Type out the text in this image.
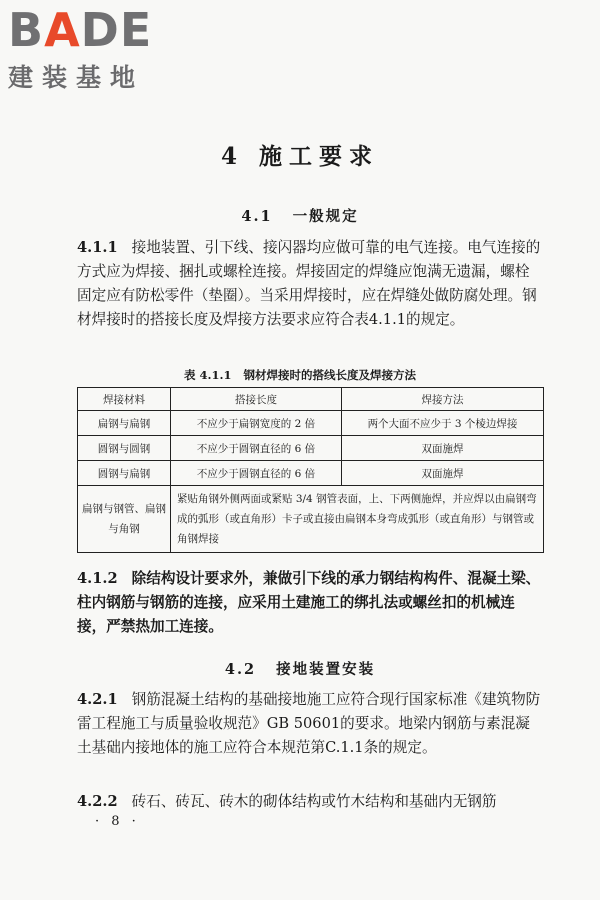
BADE
建装基地
4 施工要求
4.1 一般规定
4.1.1 接地装置、引下线、接闪器均应做可靠的电气连接。电气连接的方式应为焊接、捆扎或螺栓连接。焊接固定的焊缝应饱满无遗漏，螺栓固定应有防松零件（垫圈）。当采用焊接时，应在焊缝处做防腐处理。钢材焊接时的搭接长度及焊接方法要求应符合表4.1.1的规定。
表 4.1.1 钢材焊接时的搭线长度及焊接方法
焊接材料	搭接长度	焊接方法
扁钢与扁钢	不应少于扁钢宽度的 2 倍	两个大面不应少于 3 个棱边焊接
圆钢与圆钢	不应少于圆钢直径的 6 倍	双面施焊
圆钢与扁钢	不应少于圆钢直径的 6 倍	双面施焊
扁钢与钢管、扁钢与角钢	紧贴角钢外侧两面或紧贴 3/4 钢管表面，上、下两侧施焊，并应焊以由扁钢弯成的弧形（或直角形）卡子或直接由扁钢本身弯成弧形（或直角形）与钢管或角钢焊接	
4.1.2 除结构设计要求外，兼做引下线的承力钢结构构件、混凝土梁、柱内钢筋与钢筋的连接，应采用土建施工的绑扎法或螺丝扣的机械连接，严禁热加工连接。
4.2 接地装置安装
4.2.1 钢筋混凝土结构的基础接地施工应符合现行国家标准《建筑物防雷工程施工与质量验收规范》GB 50601的要求。地梁内钢筋与素混凝土基础内接地体的施工应符合本规范第C.1.1条的规定。
4.2.2 砖石、砖瓦、砖木的砌体结构或竹木结构和基础内无钢筋
· 8 ·
